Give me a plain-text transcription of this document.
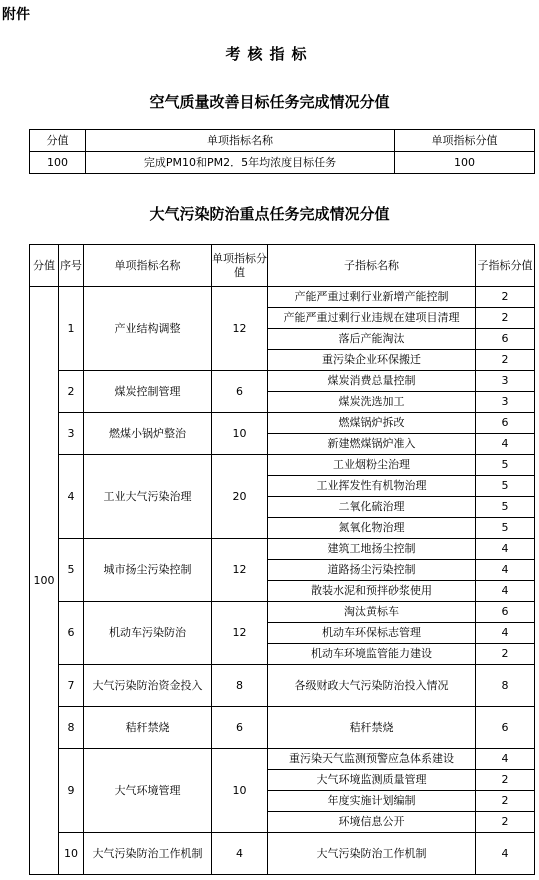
附件
考核指标
空气质量改善目标任务完成情况分值
分值	单项指标名称	单项指标分值
100	完成PM10和PM2．5年均浓度目标任务	100
大气污染防治重点任务完成情况分值
分值	序号	单项指标名称	单项指标分值	子指标名称	子指标分值
100	1	产业结构调整	12	产能严重过剩行业新增产能控制	2
				产能严重过剩行业违规在建项目清理	2
				落后产能淘汰	6
				重污染企业环保搬迁	2
	2	煤炭控制管理	6	煤炭消费总量控制	3
				煤炭洗选加工	3
	3	燃煤小锅炉整治	10	燃煤锅炉拆改	6
				新建燃煤锅炉准入	4
	4	工业大气污染治理	20	工业烟粉尘治理	5
				工业挥发性有机物治理	5
				二氧化硫治理	5
				氮氧化物治理	5
	5	城市扬尘污染控制	12	建筑工地扬尘控制	4
				道路扬尘污染控制	4
				散装水泥和预拌砂浆使用	4
	6	机动车污染防治	12	淘汰黄标车	6
				机动车环保标志管理	4
				机动车环境监管能力建设	2
	7	大气污染防治资金投入	8	各级财政大气污染防治投入情况	8
	8	秸秆禁烧	6	秸秆禁烧	6
	9	大气环境管理	10	重污染天气监测预警应急体系建设	4
				大气环境监测质量管理	2
				年度实施计划编制	2
				环境信息公开	2
	10	大气污染防治工作机制	4	大气污染防治工作机制	4
